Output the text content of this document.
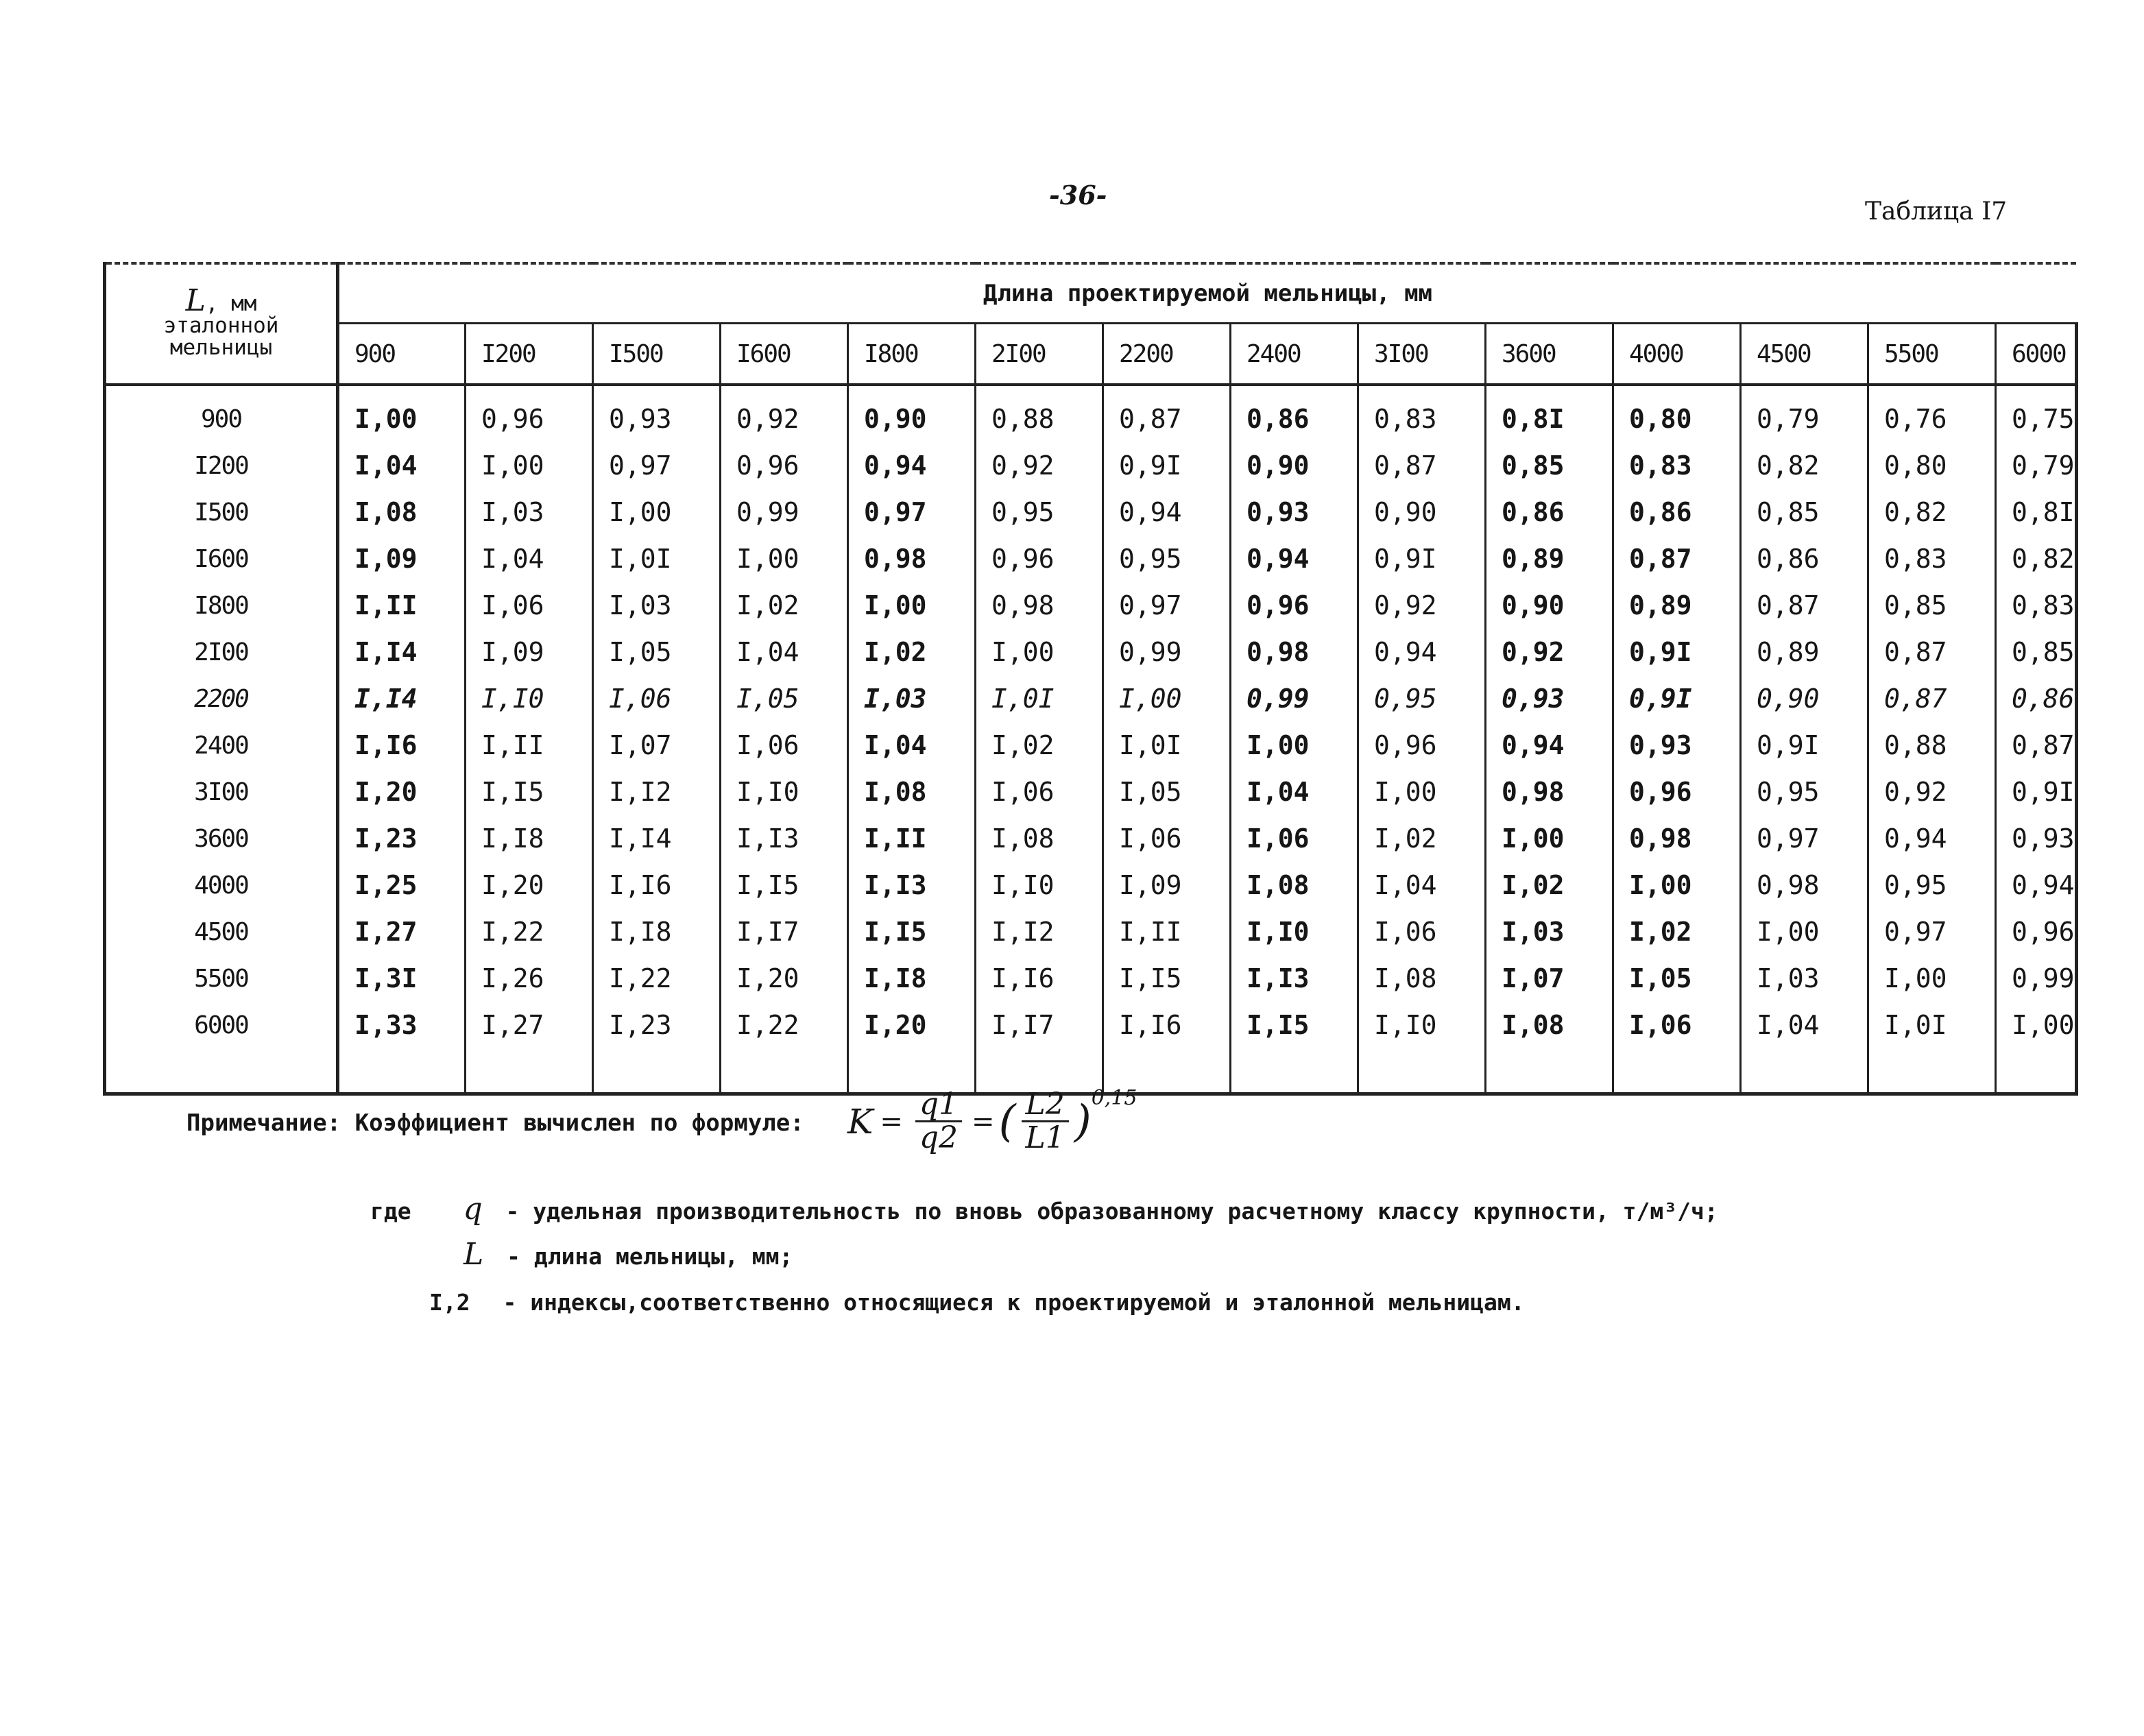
-36-
Таблица I7
L, мм
эталонной
мельницы	Длина проектируемой мельницы, мм													
	900	I200	I500	I600	I800	2I00	2200	2400	3I00	3600	4000	4500	5500	6000

900	I,00	0,96	0,93	0,92	0,90	0,88	0,87	0,86	0,83	0,8I	0,80	0,79	0,76	0,75
I200	I,04	I,00	0,97	0,96	0,94	0,92	0,9I	0,90	0,87	0,85	0,83	0,82	0,80	0,79
I500	I,08	I,03	I,00	0,99	0,97	0,95	0,94	0,93	0,90	0,86	0,86	0,85	0,82	0,8I
I600	I,09	I,04	I,0I	I,00	0,98	0,96	0,95	0,94	0,9I	0,89	0,87	0,86	0,83	0,82
I800	I,II	I,06	I,03	I,02	I,00	0,98	0,97	0,96	0,92	0,90	0,89	0,87	0,85	0,83
2I00	I,I4	I,09	I,05	I,04	I,02	I,00	0,99	0,98	0,94	0,92	0,9I	0,89	0,87	0,85
2200	I,I4	I,I0	I,06	I,05	I,03	I,0I	I,00	0,99	0,95	0,93	0,9I	0,90	0,87	0,86
2400	I,I6	I,II	I,07	I,06	I,04	I,02	I,0I	I,00	0,96	0,94	0,93	0,9I	0,88	0,87
3I00	I,20	I,I5	I,I2	I,I0	I,08	I,06	I,05	I,04	I,00	0,98	0,96	0,95	0,92	0,9I
3600	I,23	I,I8	I,I4	I,I3	I,II	I,08	I,06	I,06	I,02	I,00	0,98	0,97	0,94	0,93
4000	I,25	I,20	I,I6	I,I5	I,I3	I,I0	I,09	I,08	I,04	I,02	I,00	0,98	0,95	0,94
4500	I,27	I,22	I,I8	I,I7	I,I5	I,I2	I,II	I,I0	I,06	I,03	I,02	I,00	0,97	0,96
5500	I,3I	I,26	I,22	I,20	I,I8	I,I6	I,I5	I,I3	I,08	I,07	I,05	I,03	I,00	0,99
6000	I,33	I,27	I,23	I,22	I,20	I,I7	I,I6	I,I5	I,I0	I,08	I,06	I,04	I,0I	I,00

Примечание: Коэффициент вычислен по формуле: $K = \frac{q1}{q2}$ = ( $\frac{L2}{L1}$ ) 0,15
где q - удельная производительность по вновь образованному расчетному классу крупности, т/м³/ч;
L - длина мельницы, мм;
I,2 - индексы,соответственно относящиеся к проектируемой и эталонной мельницам.
